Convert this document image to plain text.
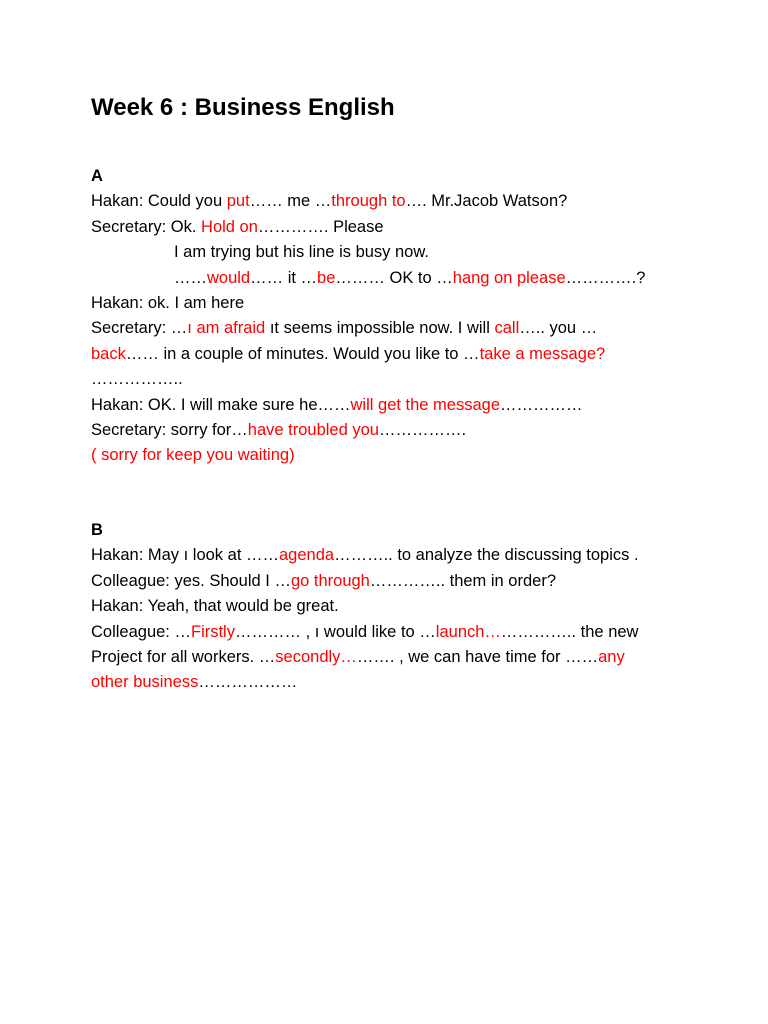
Week 6 : Business English
A
Hakan: Could you put…… me …through to…. Mr.Jacob Watson?
Secretary: Ok. Hold on…………. Please
I am trying but his line is busy now.
……would…… it …be……… OK to …hang on please………….?
Hakan: ok. I am here
Secretary: …ı am afraid ıt seems impossible now. I will call….. you …
back…… in a couple of minutes. Would you like to …take a message?
……………..
Hakan: OK. I will make sure he……will get the message……………
Secretary: sorry for…have troubled you…………….
( sorry for keep you waiting)
B
Hakan: May ı look at ……agenda……….. to analyze the discussing topics .
Colleague: yes. Should I …go through………….. them in order?
Hakan: Yeah, that would be great.
Colleague: …Firstly………… , ı would like to …launch…………….. the new
Project for all workers. …secondly………. , we can have time for ……any
other business………………
